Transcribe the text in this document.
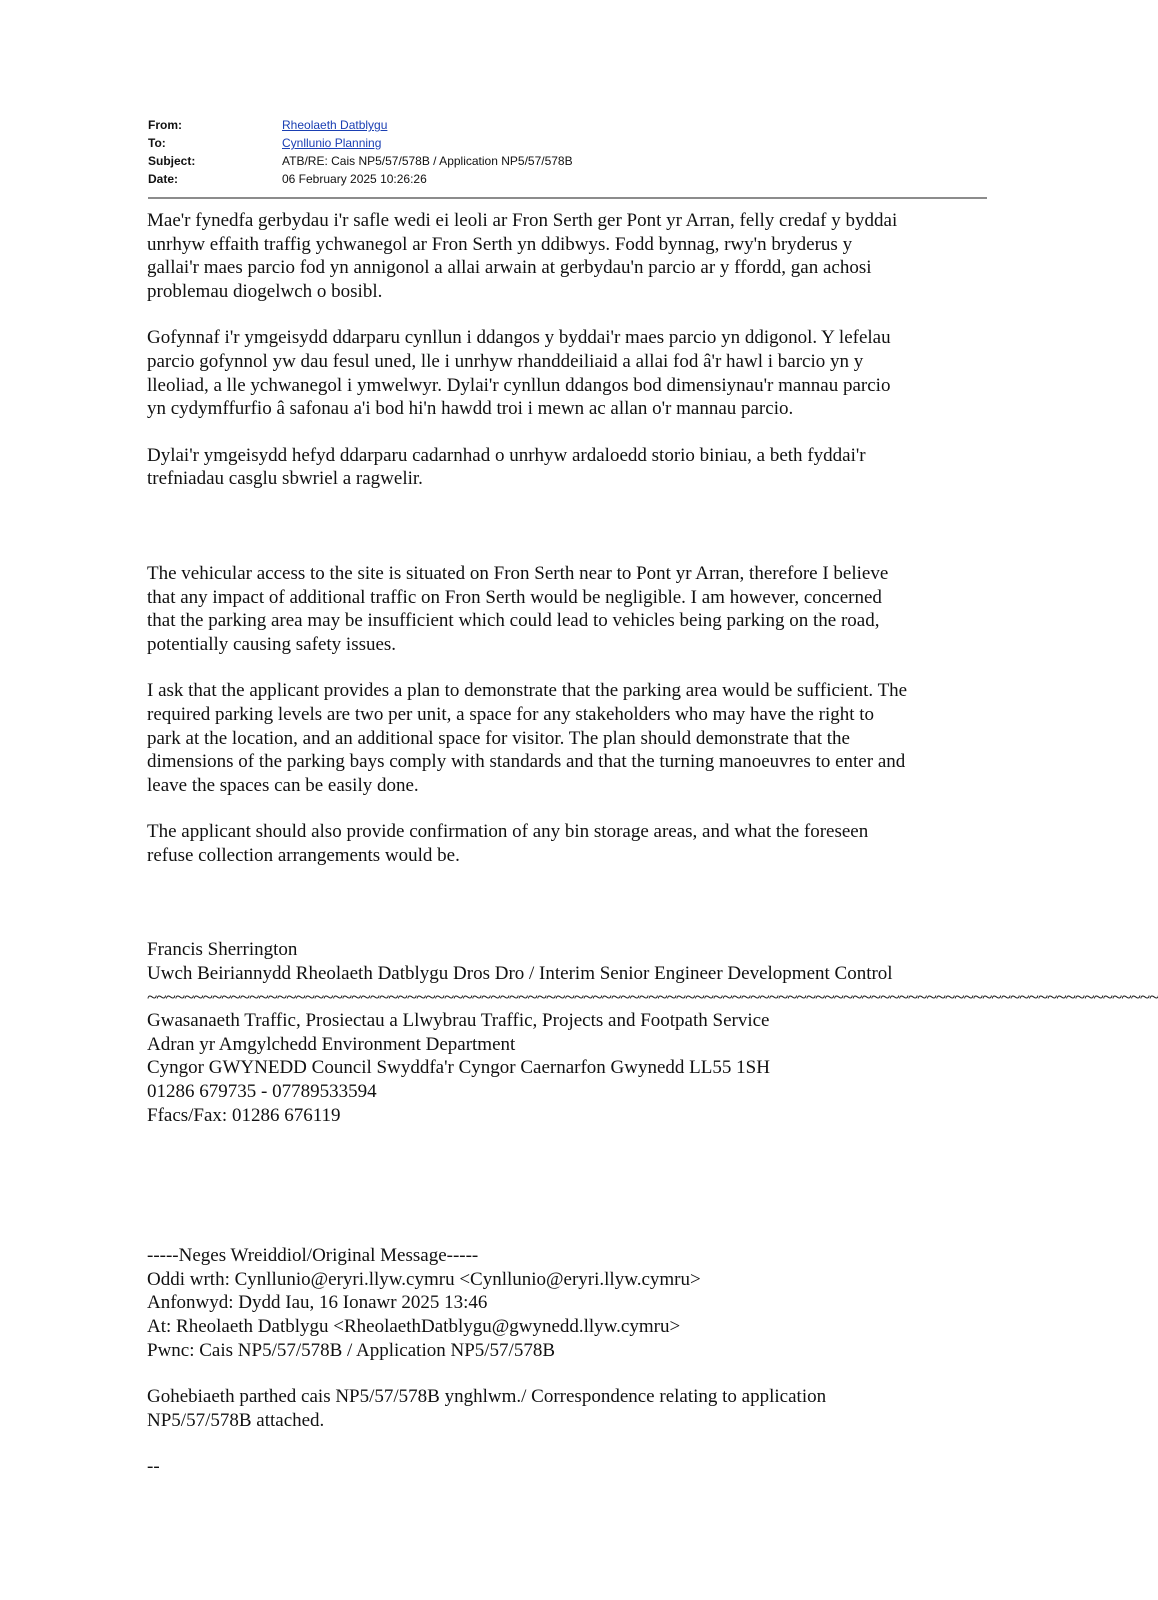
From:	Rheolaeth Datblygu
To:	Cynllunio Planning
Subject:	ATB/RE: Cais NP5/57/578B / Application NP5/57/578B
Date:	06 February 2025 10:26:26

Mae'r fynedfa gerbydau i'r safle wedi ei leoli ar Fron Serth ger Pont yr Arran, felly credaf y byddai
unrhyw effaith traffig ychwanegol ar Fron Serth yn ddibwys. Fodd bynnag, rwy'n bryderus y
gallai'r maes parcio fod yn annigonol a allai arwain at gerbydau'n parcio ar y ffordd, gan achosi
problemau diogelwch o bosibl.

Gofynnaf i'r ymgeisydd ddarparu cynllun i ddangos y byddai'r maes parcio yn ddigonol. Y lefelau
parcio gofynnol yw dau fesul uned, lle i unrhyw rhanddeiliaid a allai fod â'r hawl i barcio yn y
lleoliad, a lle ychwanegol i ymwelwyr. Dylai'r cynllun ddangos bod dimensiynau'r mannau parcio
yn cydymffurfio â safonau a'i bod hi'n hawdd troi i mewn ac allan o'r mannau parcio.

Dylai'r ymgeisydd hefyd ddarparu cadarnhad o unrhyw ardaloedd storio biniau, a beth fyddai'r
trefniadau casglu sbwriel a ragwelir.

The vehicular access to the site is situated on Fron Serth near to Pont yr Arran, therefore I believe
that any impact of additional traffic on Fron Serth would be negligible. I am however, concerned
that the parking area may be insufficient which could lead to vehicles being parking on the road,
potentially causing safety issues.

I ask that the applicant provides a plan to demonstrate that the parking area would be sufficient. The
required parking levels are two per unit, a space for any stakeholders who may have the right to
park at the location, and an additional space for visitor. The plan should demonstrate that the
dimensions of the parking bays comply with standards and that the turning manoeuvres to enter and
leave the spaces can be easily done.

The applicant should also provide confirmation of any bin storage areas, and what the foreseen
refuse collection arrangements would be.

Francis Sherrington

Uwch Beiriannydd Rheolaeth Datblygu Dros Dro / Interim Senior Engineer Development Control

~~~~~~~~~~~~~~~~~~~~~~~~~~~~~~~~~~~~~~~~~~~~~~~~~~~~~~~~~~~~~~~~~~~~~~~~~~~~~~~~~~~~~~~~~~~~~~~~~~~~~~~~~~~~~

Gwasanaeth Traffic, Prosiectau a Llwybrau Traffic, Projects and Footpath Service

Adran yr Amgylchedd Environment Department

Cyngor GWYNEDD Council Swyddfa'r Cyngor Caernarfon Gwynedd LL55 1SH

01286 679735 - 07789533594

Ffacs/Fax: 01286 676119

-----Neges Wreiddiol/Original Message-----

Oddi wrth: Cynllunio@eryri.llyw.cymru <Cynllunio@eryri.llyw.cymru>

Anfonwyd: Dydd Iau, 16 Ionawr 2025 13:46

At: Rheolaeth Datblygu <RheolaethDatblygu@gwynedd.llyw.cymru>

Pwnc: Cais NP5/57/578B / Application NP5/57/578B

Gohebiaeth parthed cais NP5/57/578B ynghlwm./ Correspondence relating to application
NP5/57/578B attached.

--
